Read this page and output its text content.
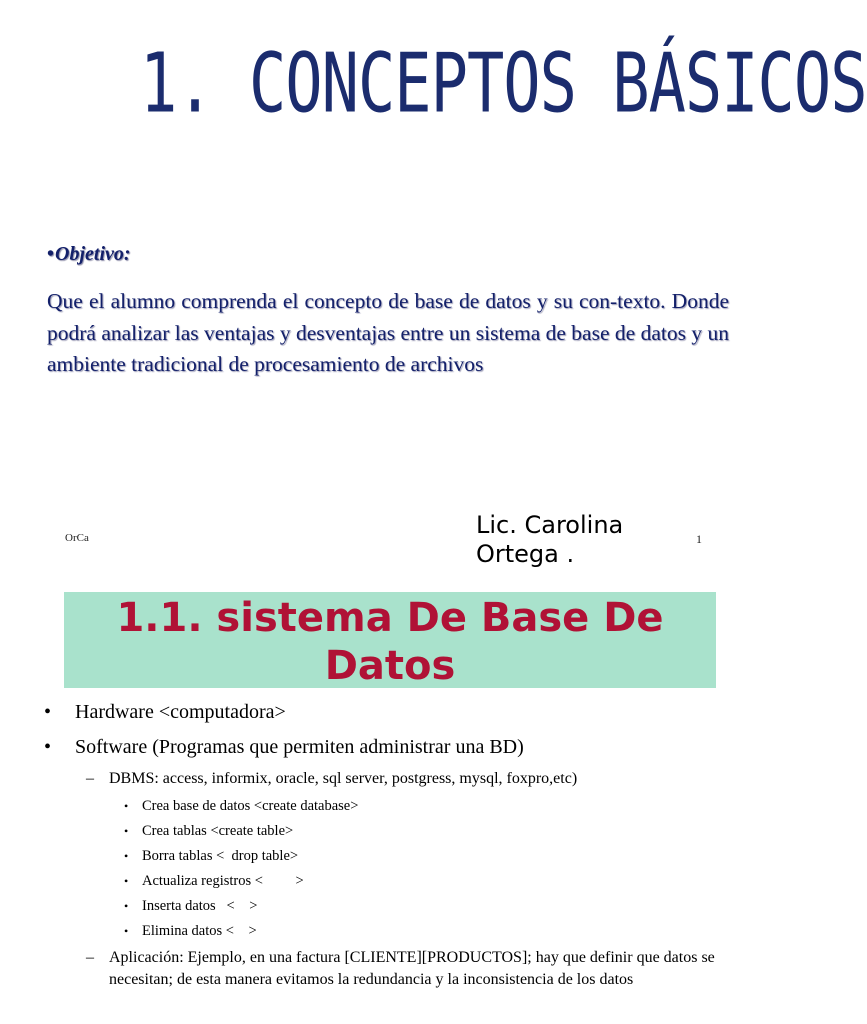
1. CONCEPTOS BÁSICOS
•Objetivo:
Que el alumno comprenda el concepto de base de datos y su con-texto. Donde podrá analizar las ventajas y desventajas entre un sistema de base de datos y un ambiente tradicional de procesamiento de archivos
OrCa	Lic. Carolina Ortega .
1
1.1. sistema De Base De Datos
• Hardware <computadora>
• Software (Programas que permiten administrar una BD)
– DBMS: access, informix, oracle, sql server, postgress, mysql, foxpro,etc)
• Crea base de datos <create database>
• Crea tablas <create table>
• Borra tablas <  drop table>
• Actualiza registros <         >
• Inserta datos   <    >
• Elimina datos <    >
– Aplicación: Ejemplo, en una factura [CLIENTE][PRODUCTOS]; hay que definir que datos se necesitan; de esta manera evitamos la redundancia y la inconsistencia de los datos
